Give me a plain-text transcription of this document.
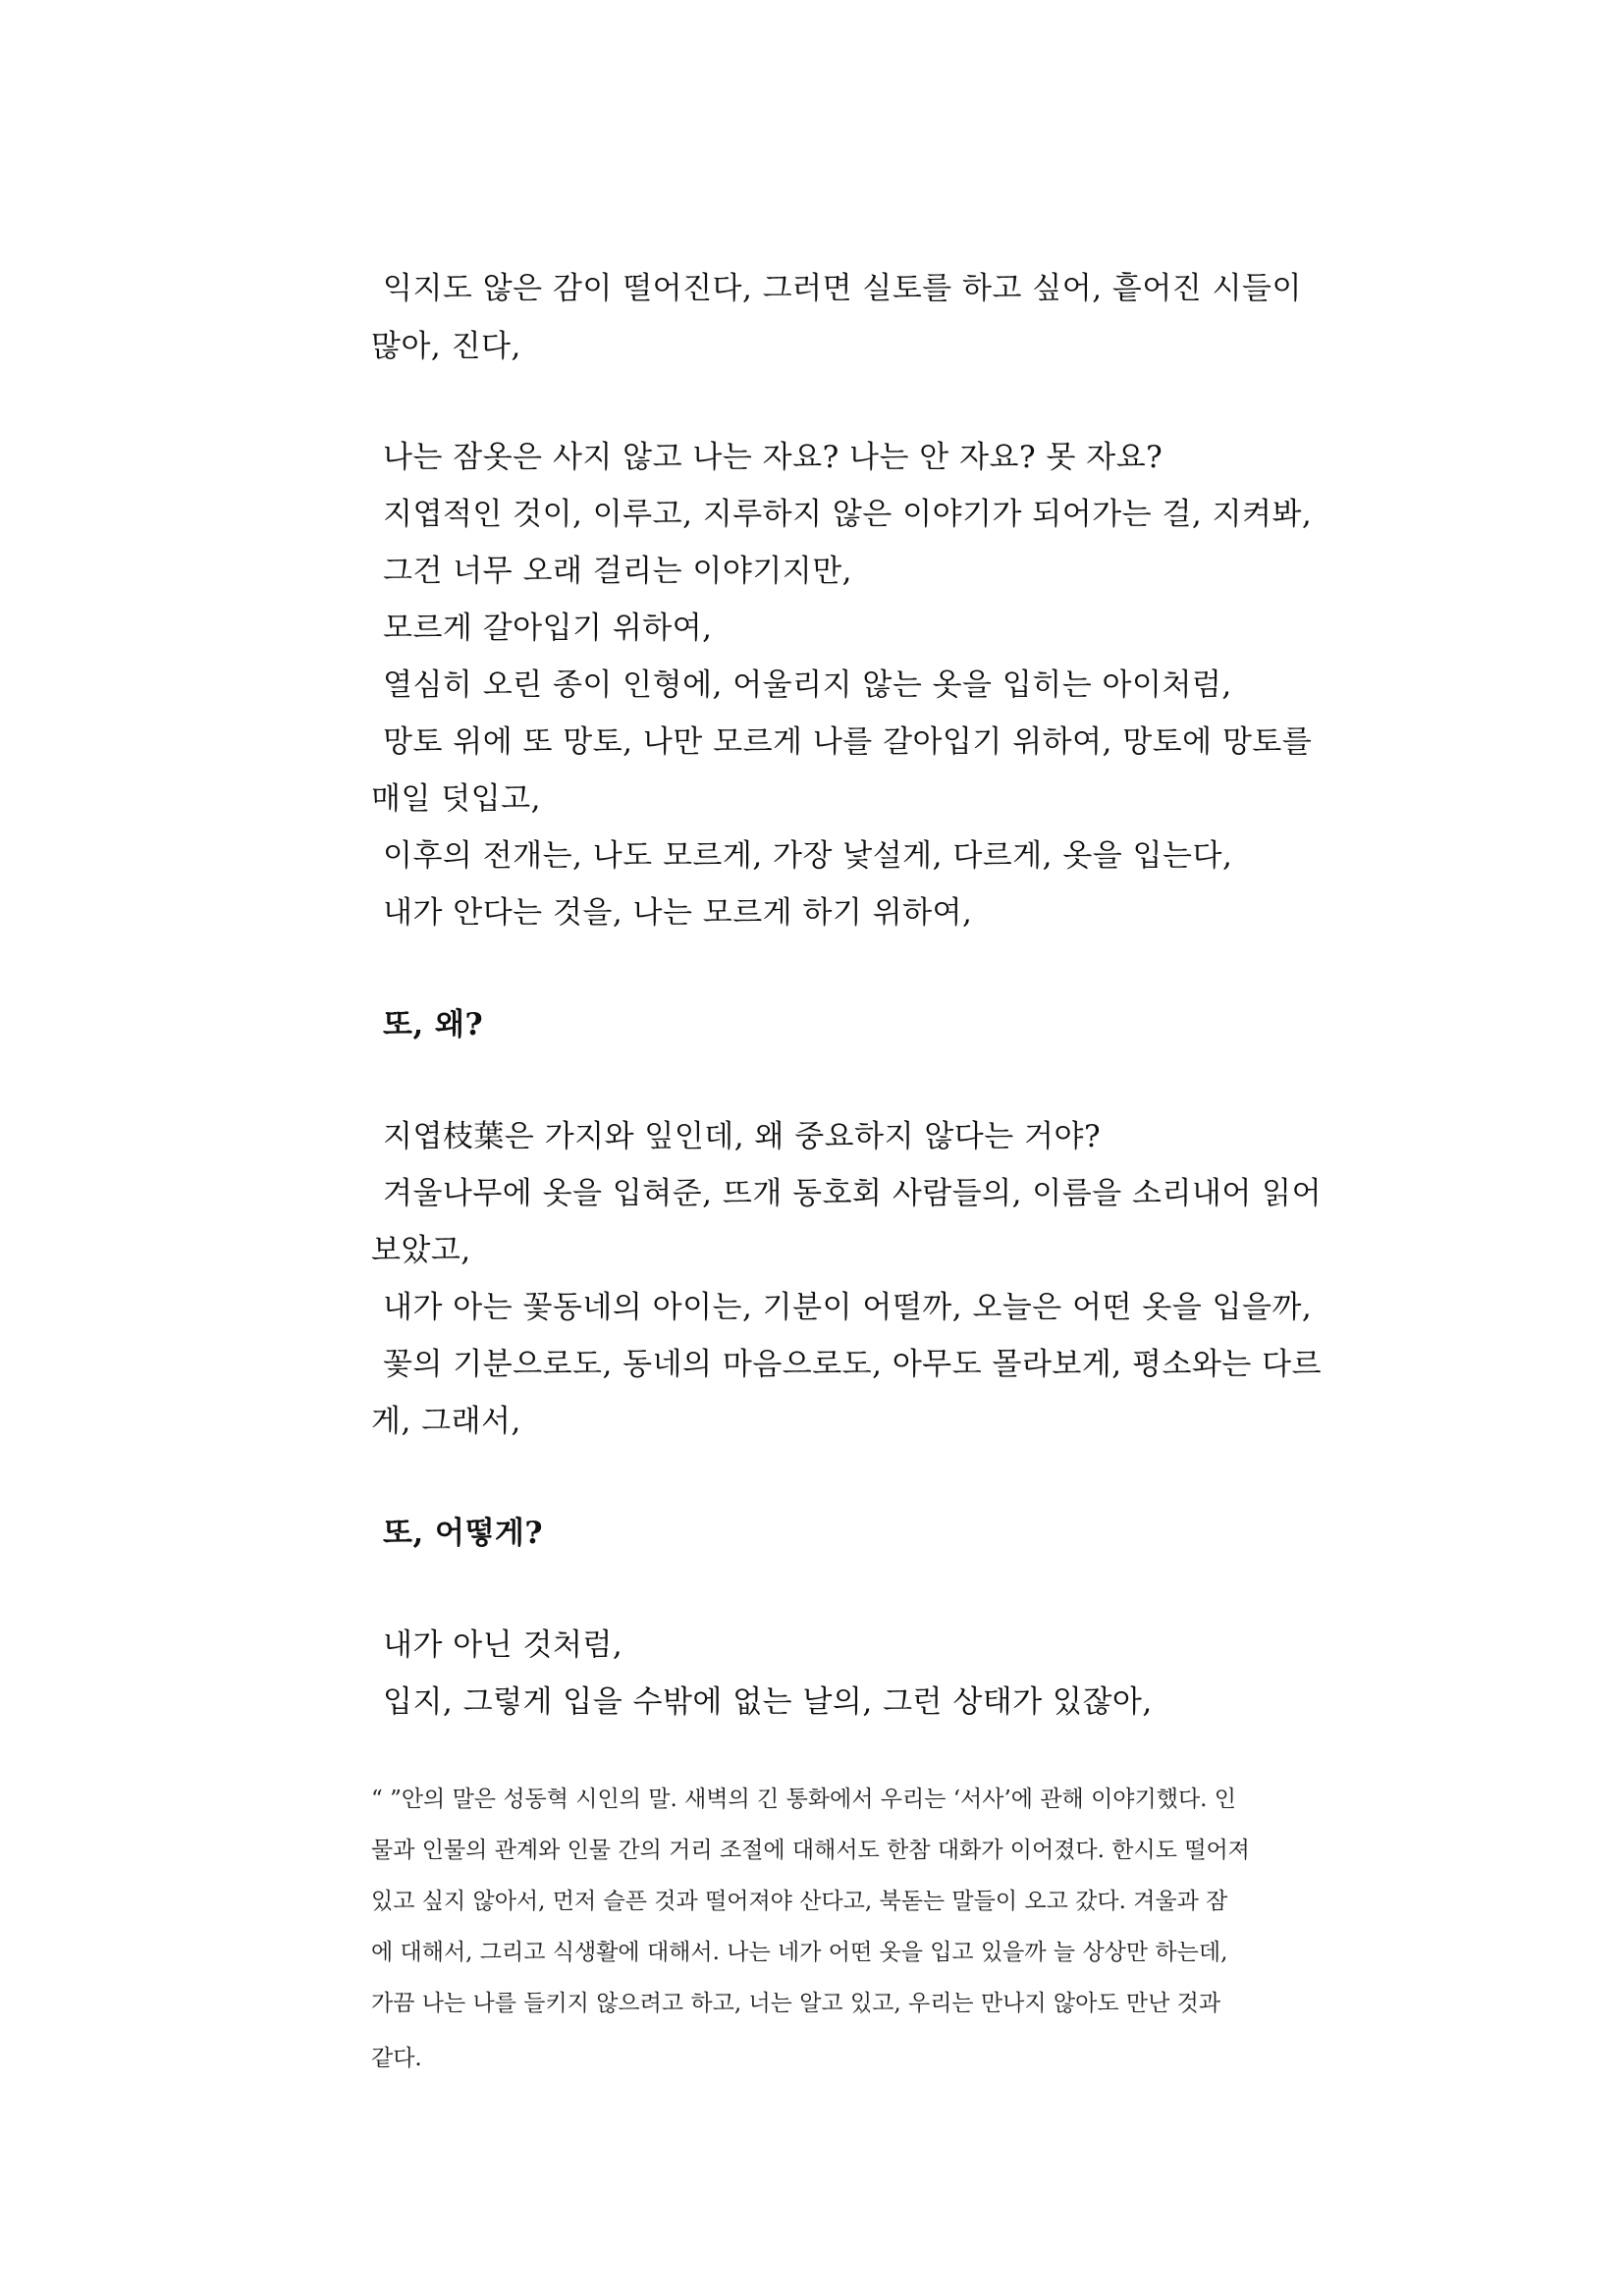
익지도 않은 감이 떨어진다, 그러면 실토를 하고 싶어, 흩어진 시들이
많아, 진다,
나는 잠옷은 사지 않고 나는 자요? 나는 안 자요? 못 자요?
지엽적인 것이, 이루고, 지루하지 않은 이야기가 되어가는 걸, 지켜봐,
그건 너무 오래 걸리는 이야기지만,
모르게 갈아입기 위하여,
열심히 오린 종이 인형에, 어울리지 않는 옷을 입히는 아이처럼,
망토 위에 또 망토, 나만 모르게 나를 갈아입기 위하여, 망토에 망토를
매일 덧입고,
이후의 전개는, 나도 모르게, 가장 낯설게, 다르게, 옷을 입는다,
내가 안다는 것을, 나는 모르게 하기 위하여,
또, 왜?
지엽枝葉은 가지와 잎인데, 왜 중요하지 않다는 거야?
겨울나무에 옷을 입혀준, 뜨개 동호회 사람들의, 이름을 소리내어 읽어
보았고,
내가 아는 꽃동네의 아이는, 기분이 어떨까, 오늘은 어떤 옷을 입을까,
꽃의 기분으로도, 동네의 마음으로도, 아무도 몰라보게, 평소와는 다르
게, 그래서,
또, 어떻게?
내가 아닌 것처럼,
입지, 그렇게 입을 수밖에 없는 날의, 그런 상태가 있잖아,
“ ”안의 말은 성동혁 시인의 말. 새벽의 긴 통화에서 우리는 ‘서사’에 관해 이야기했다. 인
물과 인물의 관계와 인물 간의 거리 조절에 대해서도 한참 대화가 이어졌다. 한시도 떨어져
있고 싶지 않아서, 먼저 슬픈 것과 떨어져야 산다고, 북돋는 말들이 오고 갔다. 겨울과 잠
에 대해서, 그리고 식생활에 대해서. 나는 네가 어떤 옷을 입고 있을까 늘 상상만 하는데,
가끔 나는 나를 들키지 않으려고 하고, 너는 알고 있고, 우리는 만나지 않아도 만난 것과
같다.
